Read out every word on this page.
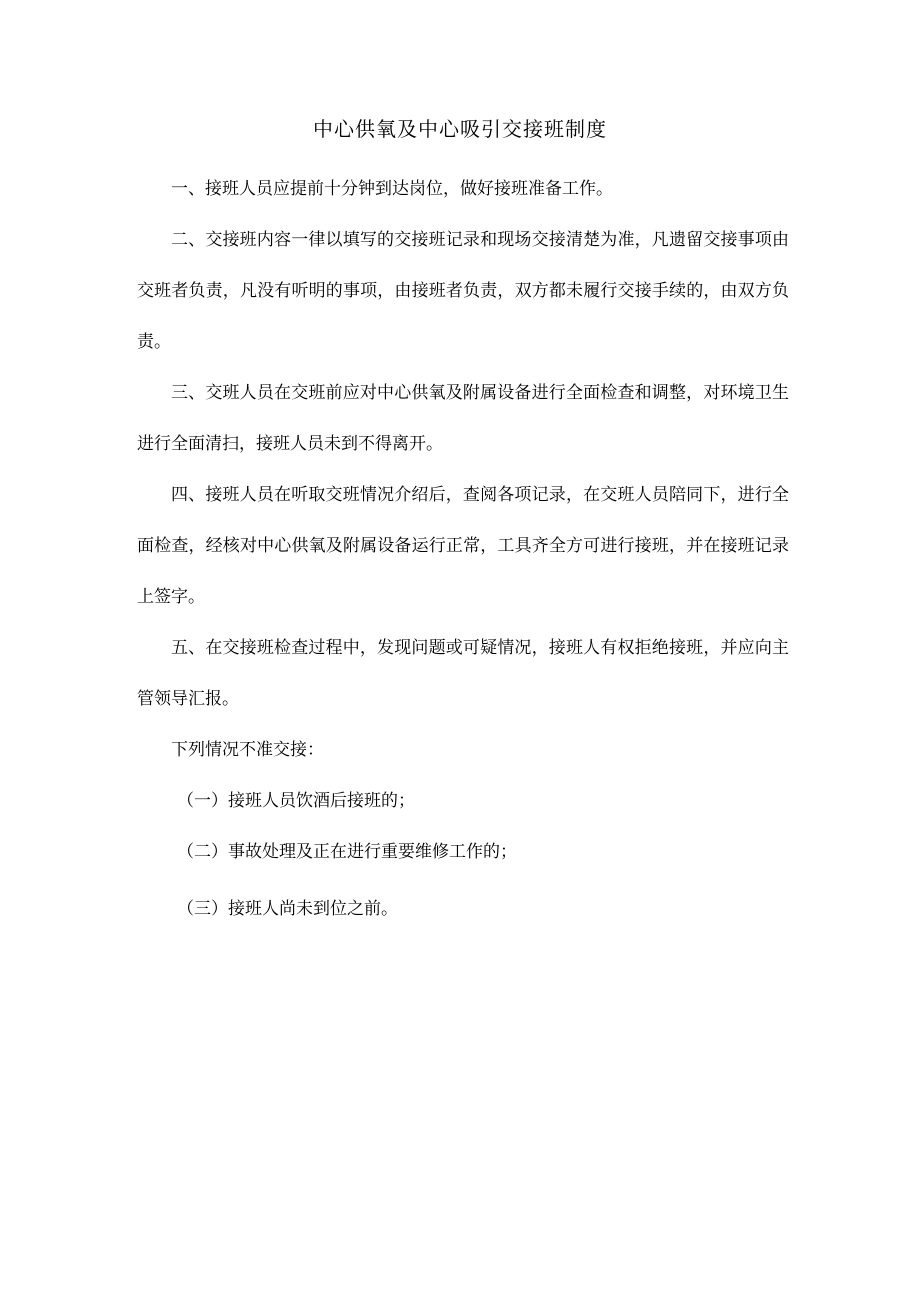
中心供氧及中心吸引交接班制度

一、接班人员应提前十分钟到达岗位，做好接班准备工作。

二、交接班内容一律以填写的交接班记录和现场交接清楚为准，凡遗留交接事项由交班者负责，凡没有听明的事项，由接班者负责，双方都未履行交接手续的，由双方负责。

三、交班人员在交班前应对中心供氧及附属设备进行全面检查和调整，对环境卫生进行全面清扫，接班人员未到不得离开。

四、接班人员在听取交班情况介绍后，查阅各项记录，在交班人员陪同下，进行全面检查，经核对中心供氧及附属设备运行正常，工具齐全方可进行接班，并在接班记录上签字。

五、在交接班检查过程中，发现问题或可疑情况，接班人有权拒绝接班，并应向主管领导汇报。

下列情况不准交接：

（一）接班人员饮酒后接班的；

（二）事故处理及正在进行重要维修工作的；

（三）接班人尚未到位之前。
